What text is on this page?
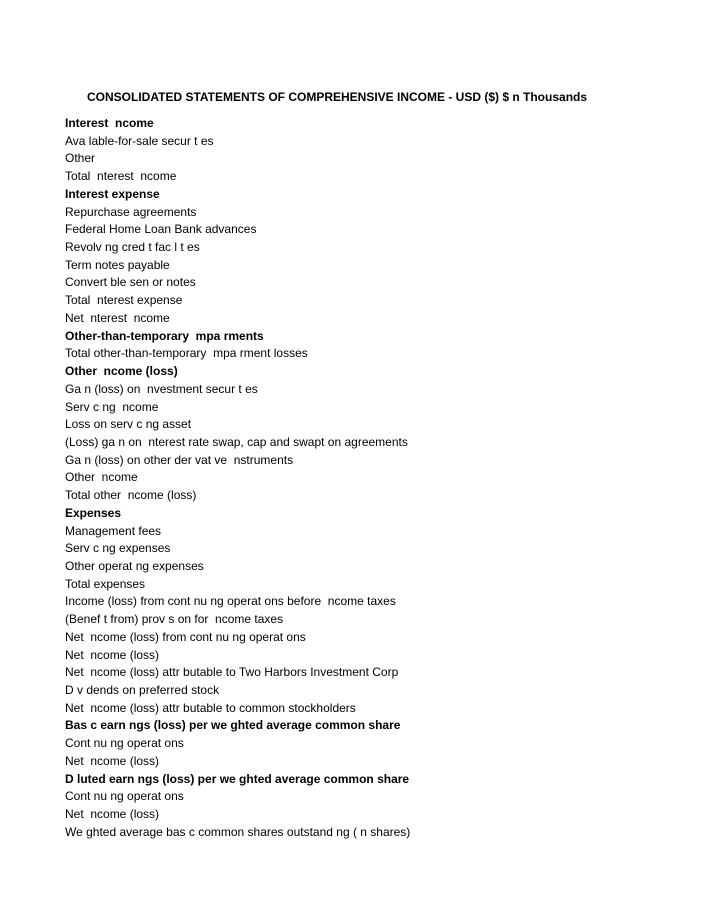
CONSOLIDATED STATEMENTS OF COMPREHENSIVE INCOME - USD ($) $ n Thousands
Interest  ncome
Ava lable-for-sale secur t es
Other
Total  nterest  ncome
Interest expense
Repurchase agreements
Federal Home Loan Bank advances
Revolv ng cred t fac l t es
Term notes payable
Convert ble sen or notes
Total  nterest expense
Net  nterest  ncome
Other-than-temporary  mpa rments
Total other-than-temporary  mpa rment losses
Other  ncome (loss)
Ga n (loss) on  nvestment secur t es
Serv c ng  ncome
Loss on serv c ng asset
(Loss) ga n on  nterest rate swap, cap and swapt on agreements
Ga n (loss) on other der vat ve  nstruments
Other  ncome
Total other  ncome (loss)
Expenses
Management fees
Serv c ng expenses
Other operat ng expenses
Total expenses
Income (loss) from cont nu ng operat ons before  ncome taxes
(Benef t from) prov s on for  ncome taxes
Net  ncome (loss) from cont nu ng operat ons
Net  ncome (loss)
Net  ncome (loss) attr butable to Two Harbors Investment Corp
D v dends on preferred stock
Net  ncome (loss) attr butable to common stockholders
Bas c earn ngs (loss) per we ghted average common share
Cont nu ng operat ons
Net  ncome (loss)
D luted earn ngs (loss) per we ghted average common share
Cont nu ng operat ons
Net  ncome (loss)
We ghted average bas c common shares outstand ng ( n shares)
